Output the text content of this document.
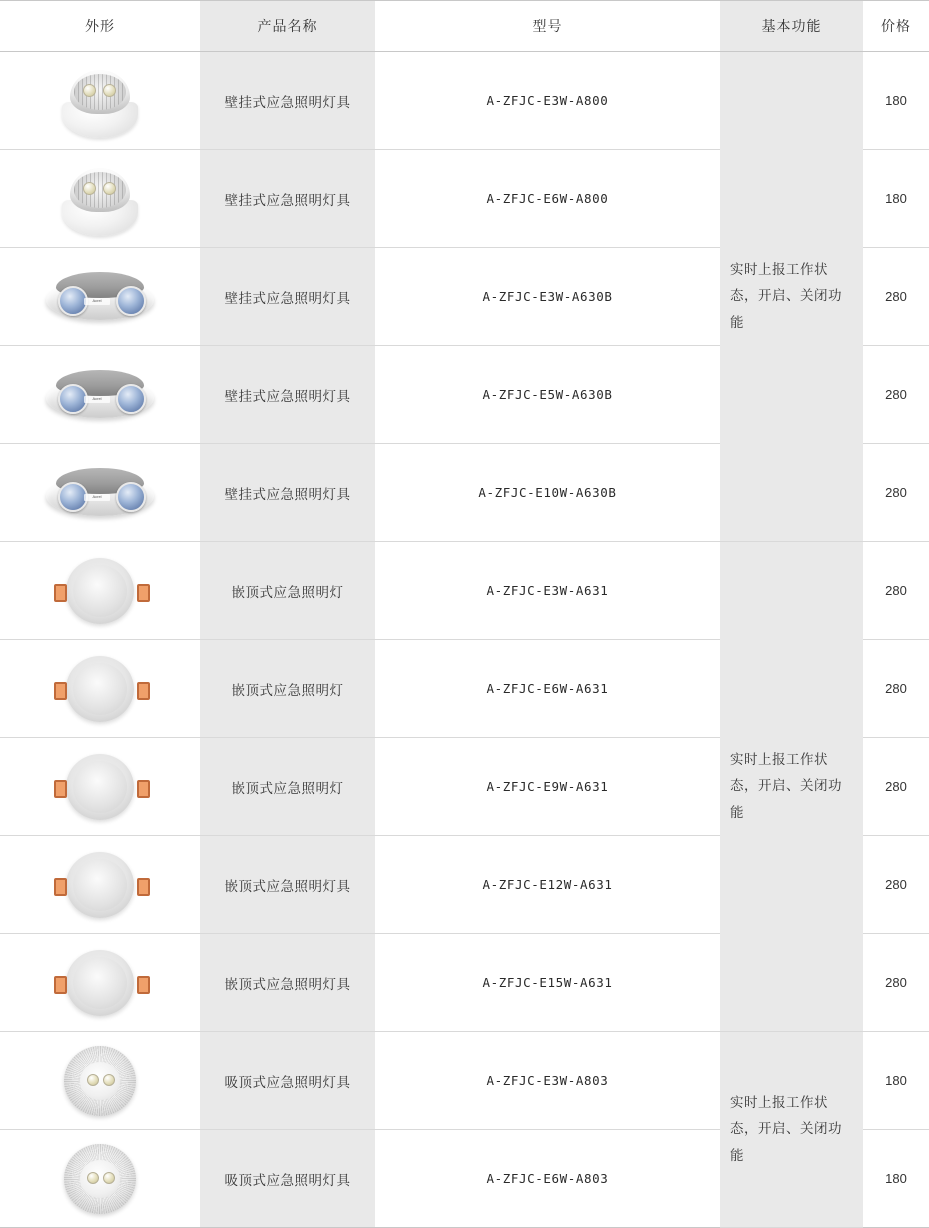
外形	产品名称	型号	基本功能	价格

	壁挂式应急照明灯具	A-ZFJC-E3W-A800	实时上报工作状态，开启、关闭功能	180

	壁挂式应急照明灯具	A-ZFJC-E6W-A800		180

Acrel	壁挂式应急照明灯具	A-ZFJC-E3W-A630B		280

Acrel	壁挂式应急照明灯具	A-ZFJC-E5W-A630B		280

Acrel	壁挂式应急照明灯具	A-ZFJC-E10W-A630B		280

	嵌顶式应急照明灯	A-ZFJC-E3W-A631	实时上报工作状态，开启、关闭功能	280

	嵌顶式应急照明灯	A-ZFJC-E6W-A631		280

	嵌顶式应急照明灯	A-ZFJC-E9W-A631		280

	嵌顶式应急照明灯具	A-ZFJC-E12W-A631		280

	嵌顶式应急照明灯具	A-ZFJC-E15W-A631		280

	吸顶式应急照明灯具	A-ZFJC-E3W-A803	实时上报工作状态，开启、关闭功能	180

	吸顶式应急照明灯具	A-ZFJC-E6W-A803		180
